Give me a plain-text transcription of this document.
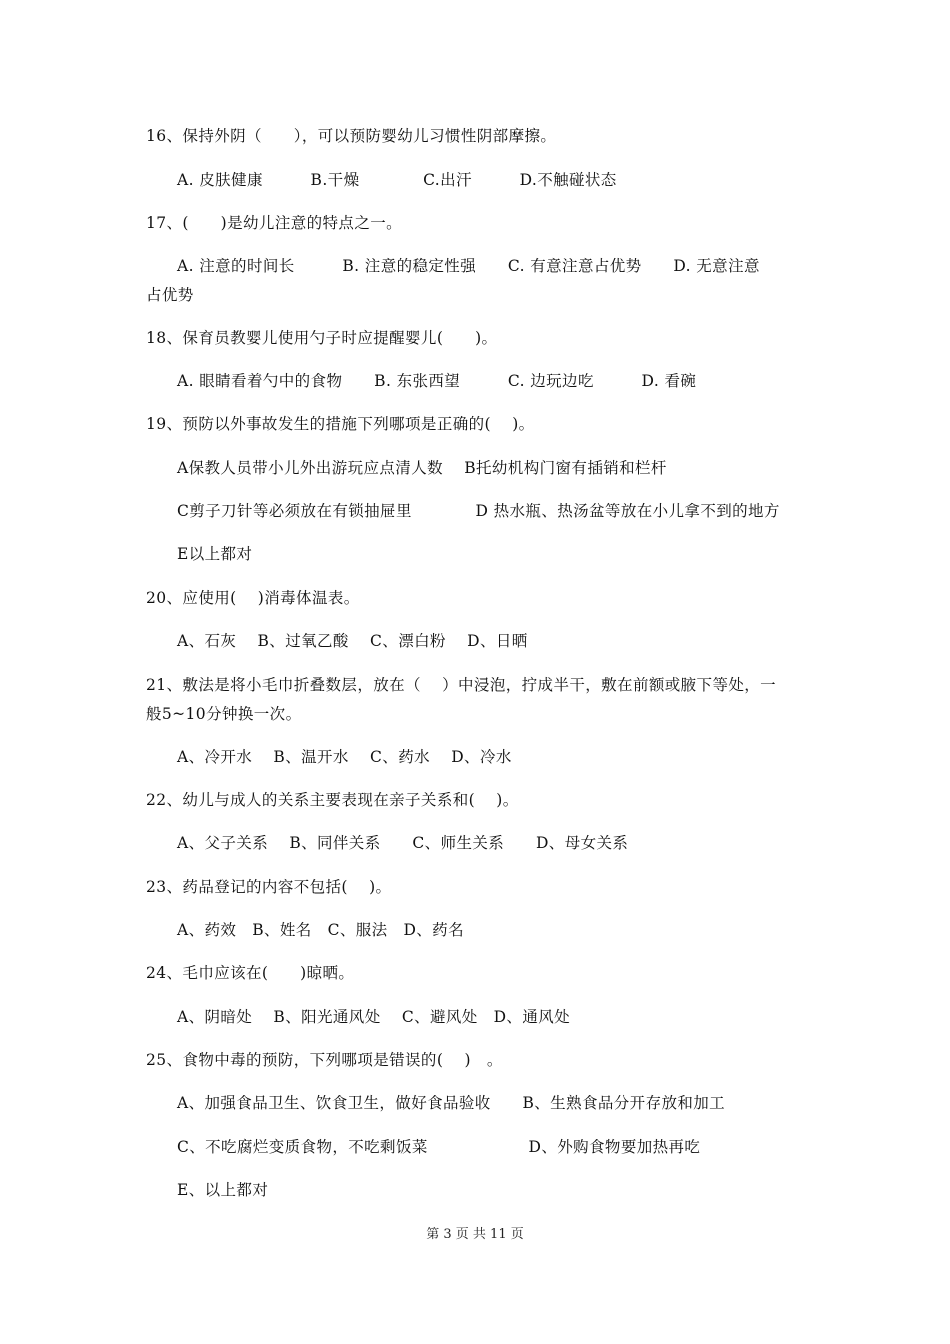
16、保持外阴（　　），可以预防婴幼儿习惯性阴部摩擦。
A. 皮肤健康　　　B.干燥　　　　C.出汗　　　D.不触碰状态
17、(　　)是幼儿注意的特点之一。
A. 注意的时间长　　　B. 注意的稳定性强　　C. 有意注意占优势　　D. 无意注意
占优势
18、保育员教婴儿使用勺子时应提醒婴儿(　　)。
A. 眼睛看着勺中的食物　　B. 东张西望　　　C. 边玩边吃　　　D. 看碗
19、预防以外事故发生的措施下列哪项是正确的(　 )。
A保教人员带小儿外出游玩应点清人数　 B托幼机构门窗有插销和栏杆
C剪子刀针等必须放在有锁抽屉里　　　　D 热水瓶、热汤盆等放在小儿拿不到的地方
E以上都对
20、应使用(　 )消毒体温表。
A、石灰　 B、过氧乙酸　 C、漂白粉　 D、日晒
21、敷法是将小毛巾折叠数层，放在（　 ）中浸泡，拧成半干，敷在前额或腋下等处，一
般5~10分钟换一次。
A、冷开水　 B、温开水　 C、药水　 D、冷水
22、幼儿与成人的关系主要表现在亲子关系和(　 )。
A、父子关系　 B、同伴关系　　C、师生关系　　D、母女关系
23、药品登记的内容不包括(　 )。
A、药效　B、姓名　C、服法　D、药名
24、毛巾应该在(　　)晾晒。
A、阴暗处　 B、阳光通风处　 C、避风处　D、通风处
25、食物中毒的预防，下列哪项是错误的(　 )　。
A、加强食品卫生、饮食卫生，做好食品验收　　B、生熟食品分开存放和加工
C、不吃腐烂变质食物，不吃剩饭菜　　　　　　 D、外购食物要加热再吃
E、以上都对
第 3 页 共 11 页
